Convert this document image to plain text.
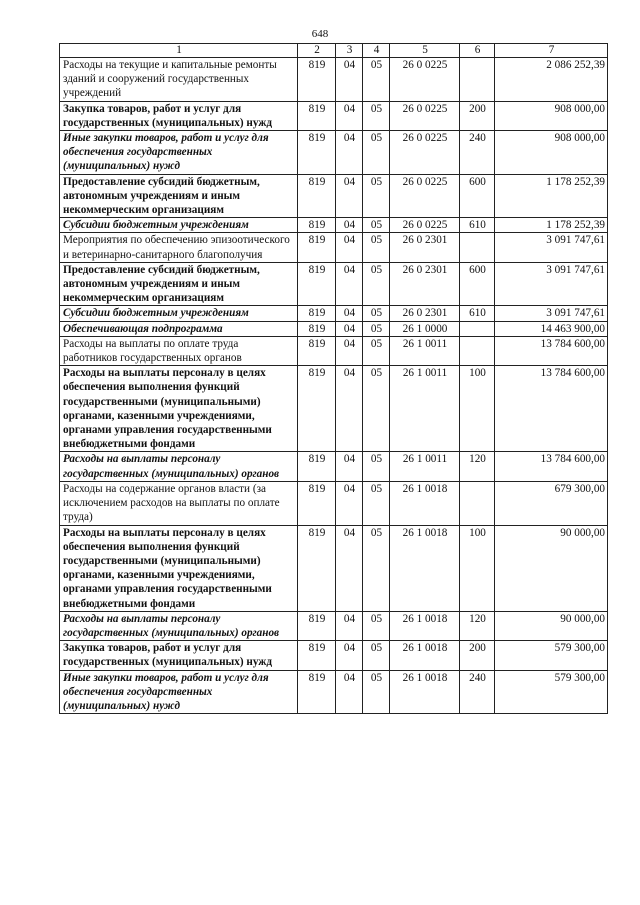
648
1	2	3	4	5	6	7
Расходы на текущие и капитальные ремонты зданий и сооружений государственных учреждений	819	04	05	26 0 0225		2 086 252,39
Закупка товаров, работ и услуг для государственных (муниципальных) нужд	819	04	05	26 0 0225	200	908 000,00
Иные закупки товаров, работ и услуг для обеспечения государственных (муниципальных) нужд	819	04	05	26 0 0225	240	908 000,00
Предоставление субсидий бюджетным, автономным учреждениям и иным некоммерческим организациям	819	04	05	26 0 0225	600	1 178 252,39
Субсидии бюджетным учреждениям	819	04	05	26 0 0225	610	1 178 252,39
Мероприятия по обеспечению эпизоотического и ветеринарно-санитарного благополучия	819	04	05	26 0 2301		3 091 747,61
Предоставление субсидий бюджетным, автономным учреждениям и иным некоммерческим организациям	819	04	05	26 0 2301	600	3 091 747,61
Субсидии бюджетным учреждениям	819	04	05	26 0 2301	610	3 091 747,61
Обеспечивающая подпрограмма	819	04	05	26 1 0000		14 463 900,00
Расходы на выплаты по оплате труда работников государственных органов	819	04	05	26 1 0011		13 784 600,00
Расходы на выплаты персоналу в целях обеспечения выполнения функций государственными (муниципальными) органами, казенными учреждениями, органами управления государственными внебюджетными фондами	819	04	05	26 1 0011	100	13 784 600,00
Расходы на выплаты персоналу государственных (муниципальных) органов	819	04	05	26 1 0011	120	13 784 600,00
Расходы на содержание органов власти (за исключением расходов на выплаты по оплате труда)	819	04	05	26 1 0018		679 300,00
Расходы на выплаты персоналу в целях обеспечения выполнения функций государственными (муниципальными) органами, казенными учреждениями, органами управления государственными внебюджетными фондами	819	04	05	26 1 0018	100	90 000,00
Расходы на выплаты персоналу государственных (муниципальных) органов	819	04	05	26 1 0018	120	90 000,00
Закупка товаров, работ и услуг для государственных (муниципальных) нужд	819	04	05	26 1 0018	200	579 300,00
Иные закупки товаров, работ и услуг для обеспечения государственных (муниципальных) нужд	819	04	05	26 1 0018	240	579 300,00
